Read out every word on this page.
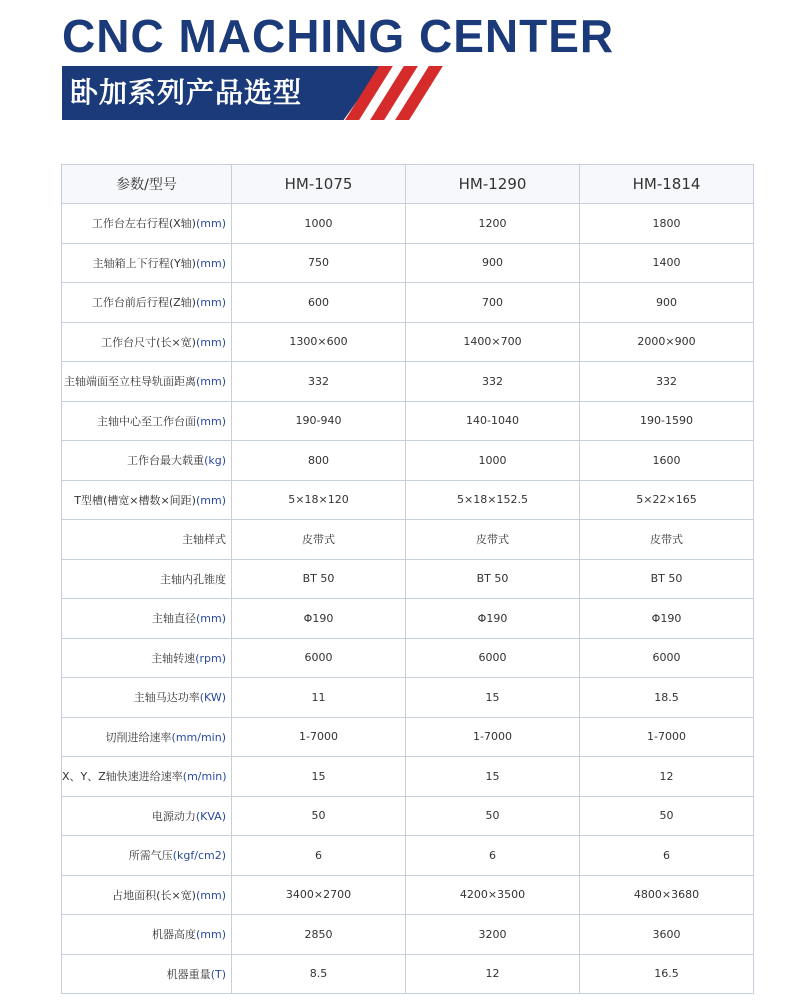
CNC MACHING CENTER
卧加系列产品选型
参数/型号	HM-1075	HM-1290	HM-1814
工作台左右行程(X轴)(mm)	1000	1200	1800
主轴箱上下行程(Y轴)(mm)	750	900	1400
工作台前后行程(Z轴)(mm)	600	700	900
工作台尺寸(长×宽)(mm)	1300×600	1400×700	2000×900
主轴端面至立柱导轨面距离(mm)	332	332	332
主轴中心至工作台面(mm)	190-940	140-1040	190-1590
工作台最大载重(kg)	800	1000	1600
T型槽(槽宽×槽数×间距)(mm)	5×18×120	5×18×152.5	5×22×165
主轴样式	皮带式	皮带式	皮带式
主轴内孔锥度	BT 50	BT 50	BT 50
主轴直径(mm)	Φ190	Φ190	Φ190
主轴转速(rpm)	6000	6000	6000
主轴马达功率(KW)	11	15	18.5
切削进给速率(mm/min)	1-7000	1-7000	1-7000
X、Y、Z轴快速进给速率(m/min)	15	15	12
电源动力(KVA)	50	50	50
所需气压(kgf/cm2)	6	6	6
占地面积(长×宽)(mm)	3400×2700	4200×3500	4800×3680
机器高度(mm)	2850	3200	3600
机器重量(T)	8.5	12	16.5
